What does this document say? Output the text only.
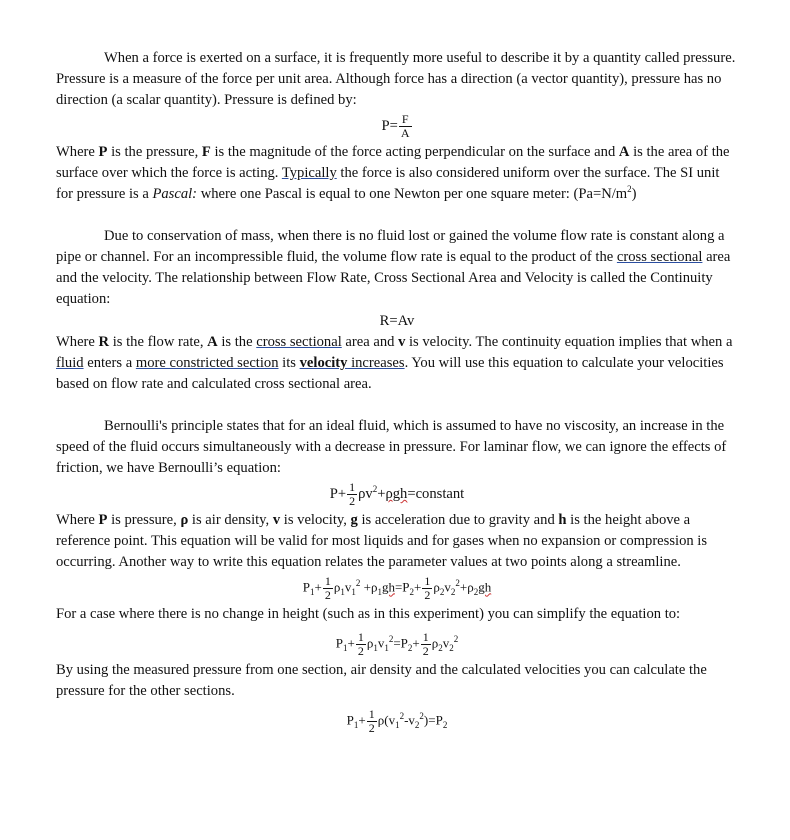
When a force is exerted on a surface, it is frequently more useful to describe it by a quantity called pressure. Pressure is a measure of the force per unit area. Although force has a direction (a vector quantity), pressure has no direction (a scalar quantity). Pressure is defined by:

$P= \frac{F}{A}$

Where P is the pressure, F is the magnitude of the force acting perpendicular on the surface and A is the area of the surface over which the force is acting. Typically the force is also considered uniform over the surface. The SI unit for pressure is a Pascal: where one Pascal is equal to one Newton per one square meter: $(Pa=N/m^2)$

Due to conservation of mass, when there is no fluid lost or gained the volume flow rate is constant along a pipe or channel. For an incompressible fluid, the volume flow rate is equal to the product of the cross sectional area and the velocity. The relationship between Flow Rate, Cross Sectional Area and Velocity is called the Continuity equation:

R=Av

Where R is the flow rate, A is the cross sectional area and v is velocity. The continuity equation implies that when a fluid enters a more constricted section its velocity increases. You will use this equation to calculate your velocities based on flow rate and calculated cross sectional area.

Bernoulli's principle states that for an ideal fluid, which is assumed to have no viscosity, an increase in the speed of the fluid occurs simultaneously with a decrease in pressure. For laminar flow, we can ignore the effects of friction, we have Bernoulli’s equation:

$P+ \frac{1}{2}$ $\rho v^2+\rho gh=constant$

Where P is pressure, ρ is air density, v is velocity, g is acceleration due to gravity and h is the height above a reference point. This equation will be valid for most liquids and for gases when no expansion or compression is occurring. Another way to write this equation relates the parameter values at two points along a streamline.

$P_1+ \frac{1}{2} \rho_1v_1^2 +\rho_1gh=P_2+ \frac{1}{2} \rho_2v_2^2+\rho_2gh$

For a case where there is no change in height (such as in this experiment) you can simplify the equation to:

$P_1+ \frac{1}{2} \rho_1v_1^2=P_2+ \frac{1}{2} \rho_2v_2^2$

By using the measured pressure from one section, air density and the calculated velocities you can calculate the pressure for the other sections.

$P_1+ \frac{1}{2} \rho(v_1^2-v_2^2)=P_2$
